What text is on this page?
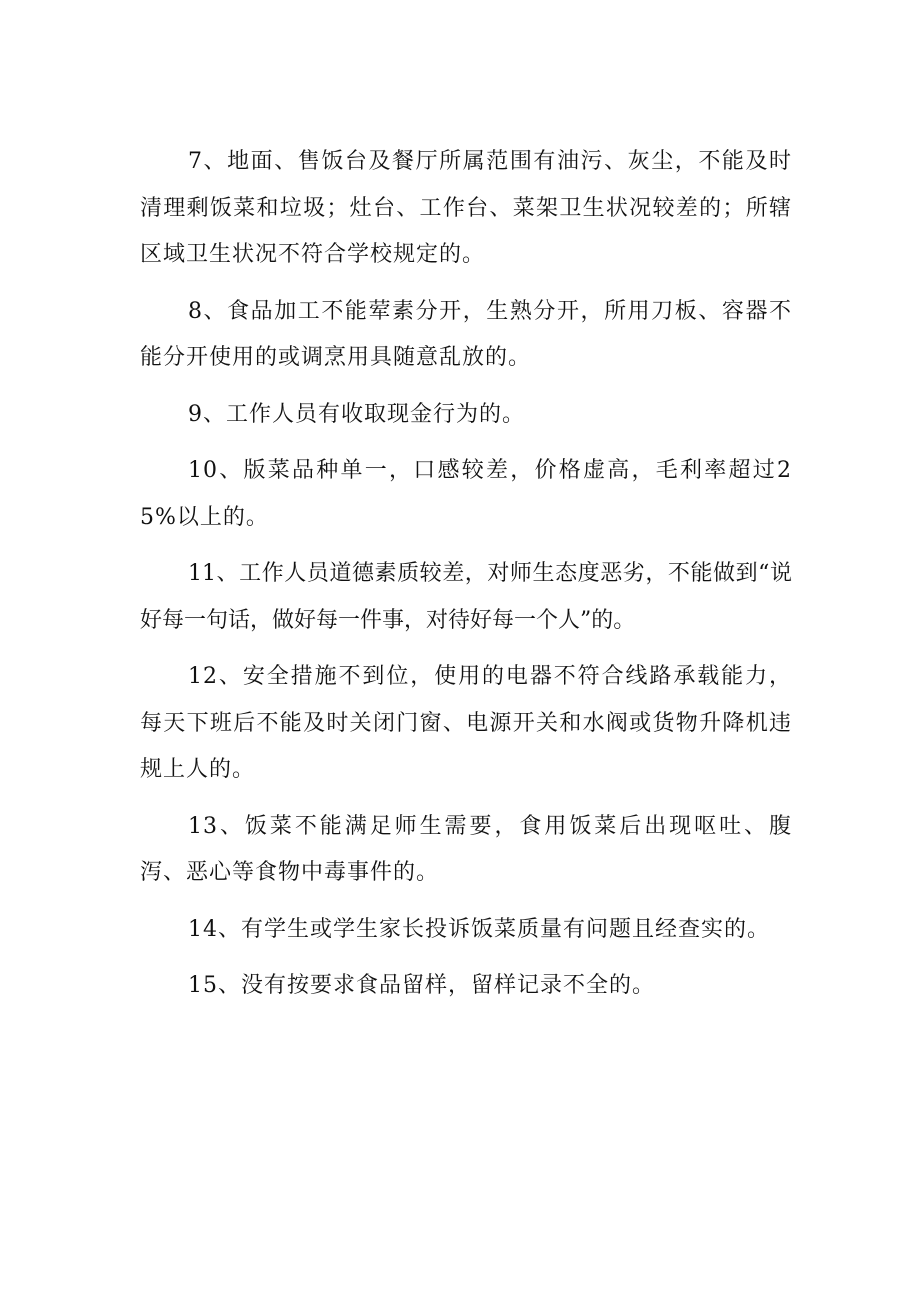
7、地面、售饭台及餐厅所属范围有油污、灰尘，不能及时清理剩饭菜和垃圾；灶台、工作台、菜架卫生状况较差的；所辖区域卫生状况不符合学校规定的。

8、食品加工不能荤素分开，生熟分开，所用刀板、容器不能分开使用的或调烹用具随意乱放的。

9、工作人员有收取现金行为的。

10、版菜品种单一，口感较差，价格虚高，毛利率超过25%以上的。

11、工作人员道德素质较差，对师生态度恶劣，不能做到“说好每一句话，做好每一件事，对待好每一个人”的。

12、安全措施不到位，使用的电器不符合线路承载能力，每天下班后不能及时关闭门窗、电源开关和水阀或货物升降机违规上人的。

13、饭菜不能满足师生需要，食用饭菜后出现呕吐、腹泻、恶心等食物中毒事件的。

14、有学生或学生家长投诉饭菜质量有问题且经查实的。

15、没有按要求食品留样，留样记录不全的。
